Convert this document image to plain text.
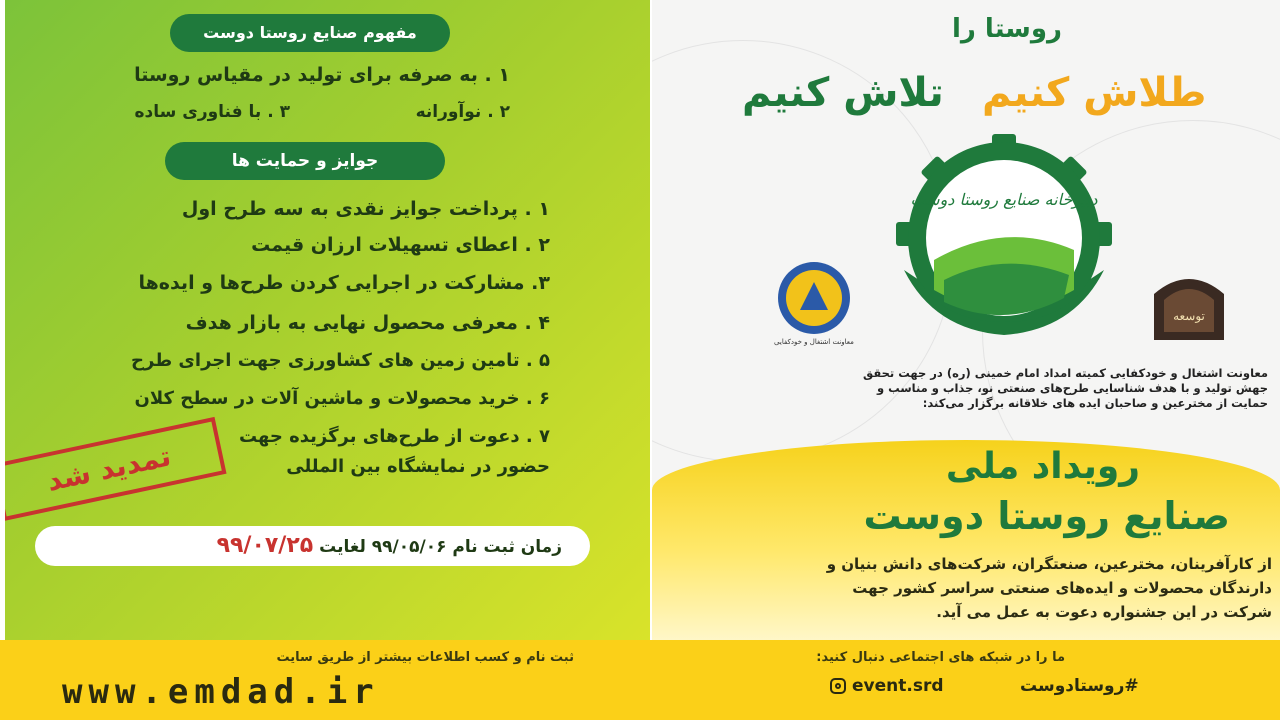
مفهوم صنایع روستا دوست
۱ . به صرفه برای تولید در مقیاس روستا
۲ . نوآورانه
۳ . با فناوری ساده
جوایز و حمایت ها
۱ . پرداخت جوایز نقدی به سه طرح اول
۲ . اعطای تسهیلات ارزان قیمت
۳. مشارکت در اجرایی کردن طرح‌ها و ایده‌ها
۴ . معرفی محصول نهایی به بازار هدف
۵ . تامین زمین های کشاورزی جهت اجرای طرح
۶ . خرید محصولات و ماشین آلات در سطح کلان
۷ . دعوت از طرح‌های برگزیده جهت
حضور در نمایشگاه بین المللی
تمدید شد
زمان ثبت نام ۹۹/۰۵/۰۶ لغایت ۹۹/۰۷/۲۵
روستا را
تلاش کنیم طلاش کنیم
دبیرخانه صنایع روستا دوست
معاونت اشتغال و خودکفایی
توسعه
معاونت اشتغال و خودکفایی کمیته امداد امام خمینی (ره) در جهت تحقق
جهش تولید و با هدف شناسایی طرح‌های صنعتی نو، جذاب و مناسب و
حمایت از مخترعین و صاحبان ایده های خلاقانه برگزار می‌کند:
رویداد ملی
صنایع روستا دوست
از کارآفرینان، مخترعین، صنعتگران، شرکت‌های دانش بنیان و
دارندگان محصولات و ایده‌های صنعتی سراسر کشور جهت
شرکت در این جشنواره دعوت به عمل می آید.
ثبت نام و کسب اطلاعات بیشتر از طریق سایت
www.emdad.ir
ما را در شبکه های اجتماعی دنبال کنید:
event.srd	#روستادوست
